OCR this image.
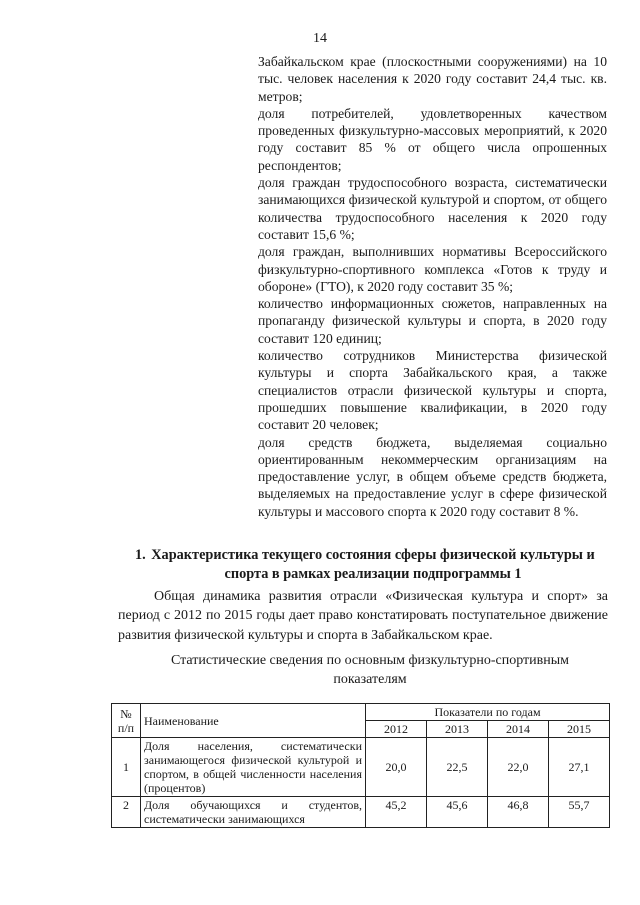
14

Забайкальском крае (плоскостными сооружениями) на 10 тыс. человек населения к 2020 году составит 24,4 тыс. кв. метров;

доля потребителей, удовлетворенных качеством проведенных физкультурно-массовых мероприятий, к 2020 году составит 85 % от общего числа опрошенных респондентов;

доля граждан трудоспособного возраста, систематически занимающихся физической культурой и спортом, от общего количества трудоспособного населения к 2020 году составит 15,6 %;

доля граждан, выполнивших нормативы Всероссийского физкультурно-спортивного комплекса «Готов к труду и обороне» (ГТО), к 2020 году составит 35 %;

количество информационных сюжетов, направленных на пропаганду физической культуры и спорта, в 2020 году составит 120 единиц;

количество сотрудников Министерства физической культуры и спорта Забайкальского края, а также специалистов отрасли физической культуры и спорта, прошедших повышение квалификации, в 2020 году составит 20 человек;

доля средств бюджета, выделяемая социально ориентированным некоммерческим организациям на предоставление услуг, в общем объеме средств бюджета, выделяемых на предоставление услуг в сфере физической культуры и массового спорта к 2020 году составит 8 %.

1. Характеристика текущего состояния сферы физической культуры и спорта в рамках реализации подпрограммы 1
Общая динамика развития отрасли «Физическая культура и спорт» за период с 2012 по 2015 годы дает право констатировать поступательное движение развития физической культуры и спорта в Забайкальском крае.
Статистические сведения по основным физкультурно-спортивным показателям
№ п/п	Наименование	Показатели по годам			
		2012	2013	2014	2015
1	Доля населения, систематически занимающегося физической культурой и спортом, в общей численности населения (процентов)	20,0	22,5	22,0	27,1
2	Доля обучающихся и студентов, систематически занимающихся	45,2	45,6	46,8	55,7
